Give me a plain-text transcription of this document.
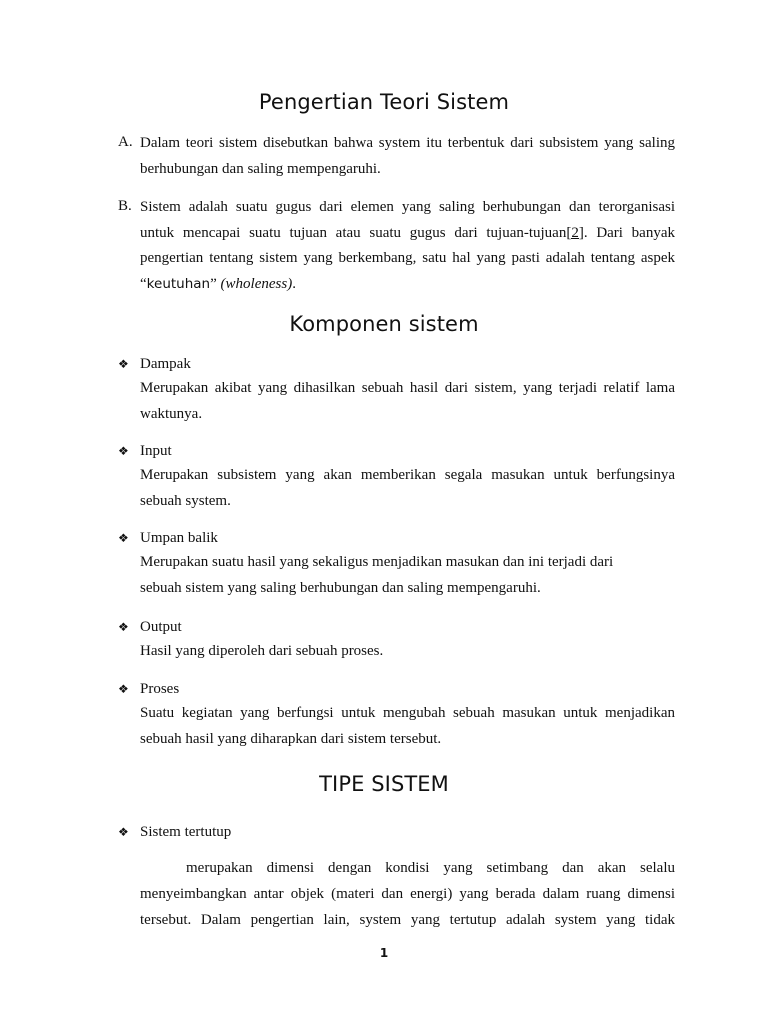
Pengertian Teori Sistem
A. Dalam teori sistem disebutkan bahwa system itu terbentuk dari subsistem yang saling
berhubungan dan saling mempengaruhi.
B. Sistem adalah suatu gugus dari elemen yang saling berhubungan dan terorganisasi
untuk mencapai suatu tujuan atau suatu gugus dari tujuan-tujuan[2]. Dari banyak
pengertian tentang sistem yang berkembang, satu hal yang pasti adalah tentang aspek
“keutuhan” (wholeness).
Komponen sistem
❖ Dampak
Merupakan akibat yang dihasilkan sebuah hasil dari sistem, yang terjadi relatif lama
waktunya.
❖ Input
Merupakan subsistem yang akan memberikan segala masukan untuk berfungsinya
sebuah system.
❖ Umpan balik
Merupakan suatu hasil yang sekaligus menjadikan masukan dan ini terjadi dari
sebuah sistem yang saling berhubungan dan saling mempengaruhi.
❖ Output
Hasil yang diperoleh dari sebuah proses.
❖ Proses
Suatu kegiatan yang berfungsi untuk mengubah sebuah masukan untuk menjadikan
sebuah hasil yang diharapkan dari sistem tersebut.
TIPE SISTEM
❖ Sistem tertutup
merupakan dimensi dengan kondisi yang setimbang dan akan selalu
menyeimbangkan antar objek (materi dan energi) yang berada dalam ruang dimensi
tersebut. Dalam pengertian lain, system yang tertutup adalah system yang tidak
1
